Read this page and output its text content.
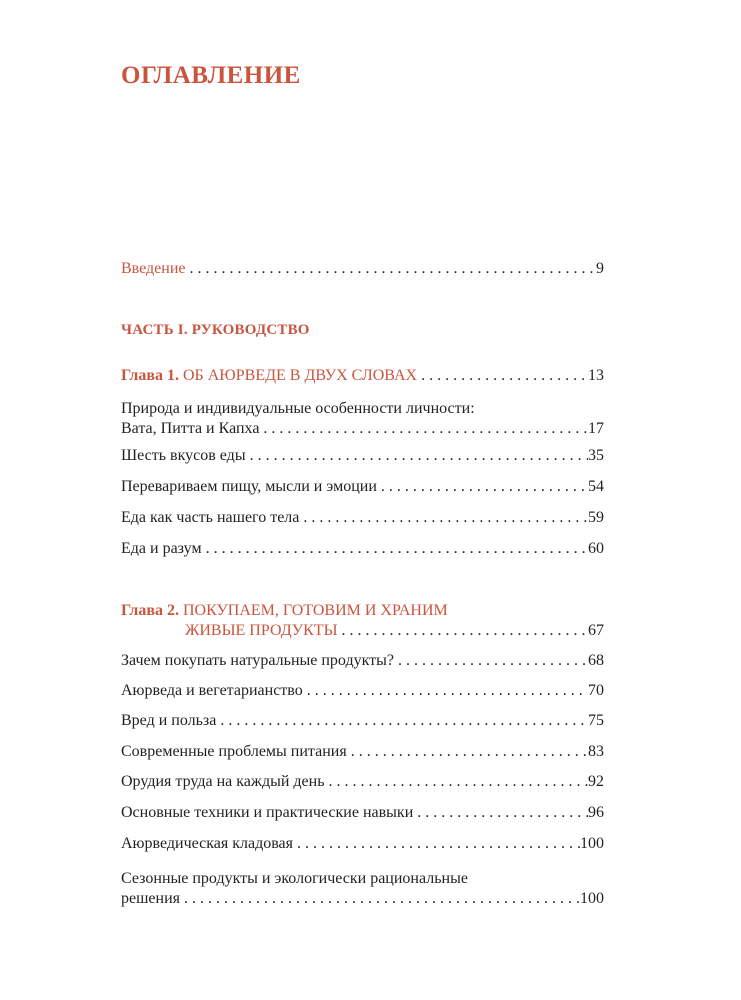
ОГЛАВЛЕНИЕ
Введение . . .	9
ЧАСТЬ I. РУКОВОДСТВО
Глава 1. ОБ АЮРВЕДЕ В ДВУХ СЛОВАХ . . .	13
Природа и индивидуальные особенности личности:
Вата, Питта и Капха . . .	17
Шесть вкусов еды . . .	35
Перевариваем пищу, мысли и эмоции . . .	54
Еда как часть нашего тела . . .	59
Еда и разум . . .	60
Глава 2. ПОКУПАЕМ, ГОТОВИМ И ХРАНИМ
ЖИВЫЕ ПРОДУКТЫ . . .	67
Зачем покупать натуральные продукты? . . .	68
Аюрведа и вегетарианство . . .	70
Вред и польза . . .	75
Современные проблемы питания . . .	83
Орудия труда на каждый день . . .	92
Основные техники и практические навыки . . .	96
Аюрведическая кладовая . . .	100
Сезонные продукты и экологически рациональные
решения . . .	100
